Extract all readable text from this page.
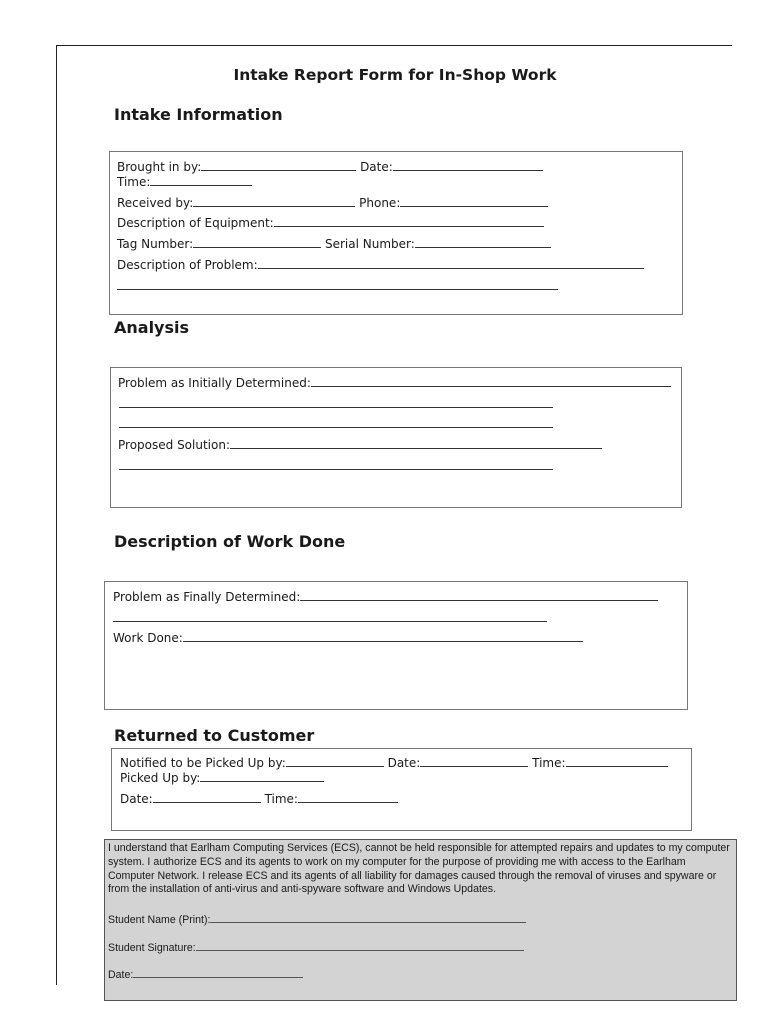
Intake Report Form for In-Shop Work
Intake Information
Brought in by:	Date:
Time:
Received by:	Phone:
Description of Equipment:
Tag Number:	Serial Number:
Description of Problem:
Analysis
Problem as Initially Determined:
Proposed Solution:
Description of Work Done
Problem as Finally Determined:
Work Done:
Returned to Customer
Notified to be Picked Up by:	Date:	Time:
Picked Up by:
Date:	Time:
I understand that Earlham Computing Services (ECS), cannot be held responsible for attempted repairs and updates to my computer system. I authorize ECS and its agents to work on my computer for the purpose of providing me with access to the Earlham Computer Network. I release ECS and its agents of all liability for damages caused through the removal of viruses and spyware or from the installation of anti-virus and anti-spyware software and Windows Updates.
Student Name (Print):
Student Signature:
Date:
